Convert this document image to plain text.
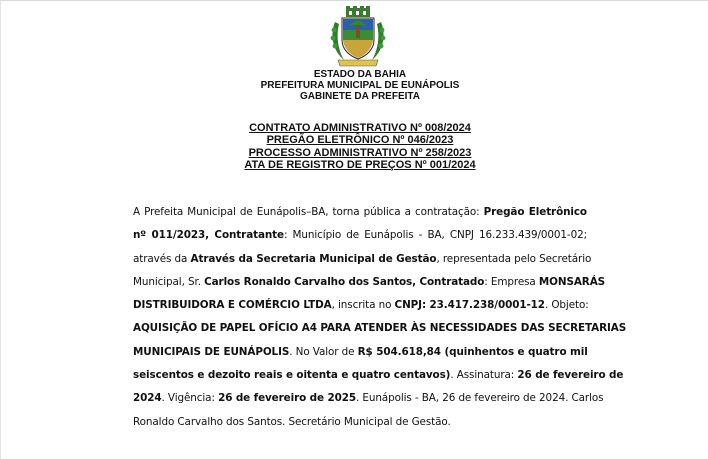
ESTADO DA BAHIA
PREFEITURA MUNICIPAL DE EUNÁPOLIS
GABINETE DA PREFEITA
CONTRATO ADMINISTRATIVO Nº 008/2024
PREGÃO ELETRÔNICO Nº 046/2023
PROCESSO ADMINISTRATIVO Nº 258/2023
ATA DE REGISTRO DE PREÇOS Nº 001/2024
A Prefeita Municipal de Eunápolis–BA, torna pública a contratação: Pregão Eletrônico
nº 011/2023, Contratante: Município de Eunápolis - BA, CNPJ 16.233.439/0001-02;
através da Através da Secretaria Municipal de Gestão, representada pelo Secretário
Municipal, Sr. Carlos Ronaldo Carvalho dos Santos, Contratado: Empresa MONSARÁS
DISTRIBUIDORA E COMÉRCIO LTDA, inscrita no CNPJ: 23.417.238/0001-12. Objeto:
AQUISIÇÃO DE PAPEL OFÍCIO A4 PARA ATENDER ÀS NECESSIDADES DAS SECRETARIAS
MUNICIPAIS DE EUNÁPOLIS. No Valor de R$ 504.618,84 (quinhentos e quatro mil
seiscentos e dezoito reais e oitenta e quatro centavos). Assinatura: 26 de fevereiro de
2024. Vigência: 26 de fevereiro de 2025. Eunápolis - BA, 26 de fevereiro de 2024. Carlos
Ronaldo Carvalho dos Santos. Secretário Municipal de Gestão.
